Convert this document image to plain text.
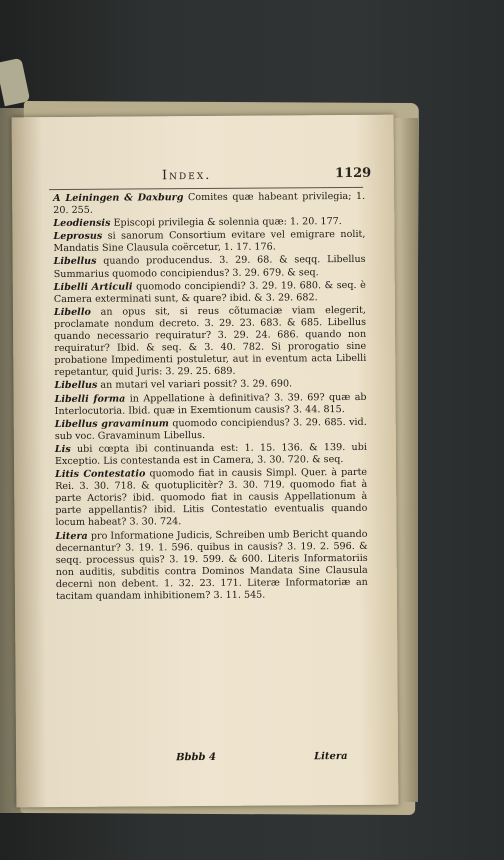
Index.	1129
A Leiningen & Daxburg Comites quæ habeant privilegia; 1. 20. 255.
Leodiensis Episcopi privilegia & solennia quæ: 1. 20. 177.
Leprosus si sanorum Consortium evitare vel emigrare nolit, Mandatis Sine Clausula coërcetur, 1. 17. 176.
Libellus quando producendus. 3. 29. 68. & seqq. Libellus Summarius quomodo concipiendus? 3. 29. 679. & seq.
Libelli Articuli quomodo concipiendi? 3. 29. 19. 680. & seq. è Camera exterminati sunt, & quare? ibid. & 3. 29. 682.
Libello an opus sit, si reus cõtumaciæ viam elegerit, proclamate nondum decreto. 3. 29. 23. 683. & 685. Libellus quando necessario requiratur? 3. 29. 24. 686. quando non requiratur? Ibid. & seq. & 3. 40. 782. Si prorogatio sine probatione Impedimenti postuletur, aut in eventum acta Libelli repetantur, quid Juris: 3. 29. 25. 689.
Libellus an mutari vel variari possit? 3. 29. 690.
Libelli forma in Appellatione à definitiva? 3. 39. 69? quæ ab Interlocutoria. Ibid. quæ in Exemtionum causis? 3. 44. 815.
Libellus gravaminum quomodo concipiendus? 3. 29. 685. vid. sub voc. Gravaminum Libellus.
Lis ubi cœpta ibi continuanda est: 1. 15. 136. & 139. ubi Exceptio. Lis contestanda est in Camera, 3. 30. 720. & seq.
Litis Contestatio quomodo fiat in causis Simpl. Quer. à parte Rei. 3. 30. 718. & quotuplicitèr? 3. 30. 719. quomodo fiat à parte Actoris? ibid. quomodo fiat in causis Appellationum à parte appellantis? ibid. Litis Contestatio eventualis quando locum habeat? 3. 30. 724.
Litera pro Informatione Judicis, Schreiben umb Bericht quando decernantur? 3. 19. 1. 596. quibus in causis? 3. 19. 2. 596. & seqq. processus quis? 3. 19. 599. & 600. Literis Informatoriis non auditis, subditis contra Dominos Mandata Sine Clausula decerni non debent. 1. 32. 23. 171. Literæ Informatoriæ an tacitam quandam inhibitionem? 3. 11. 545.
Bbbb 4	Litera
